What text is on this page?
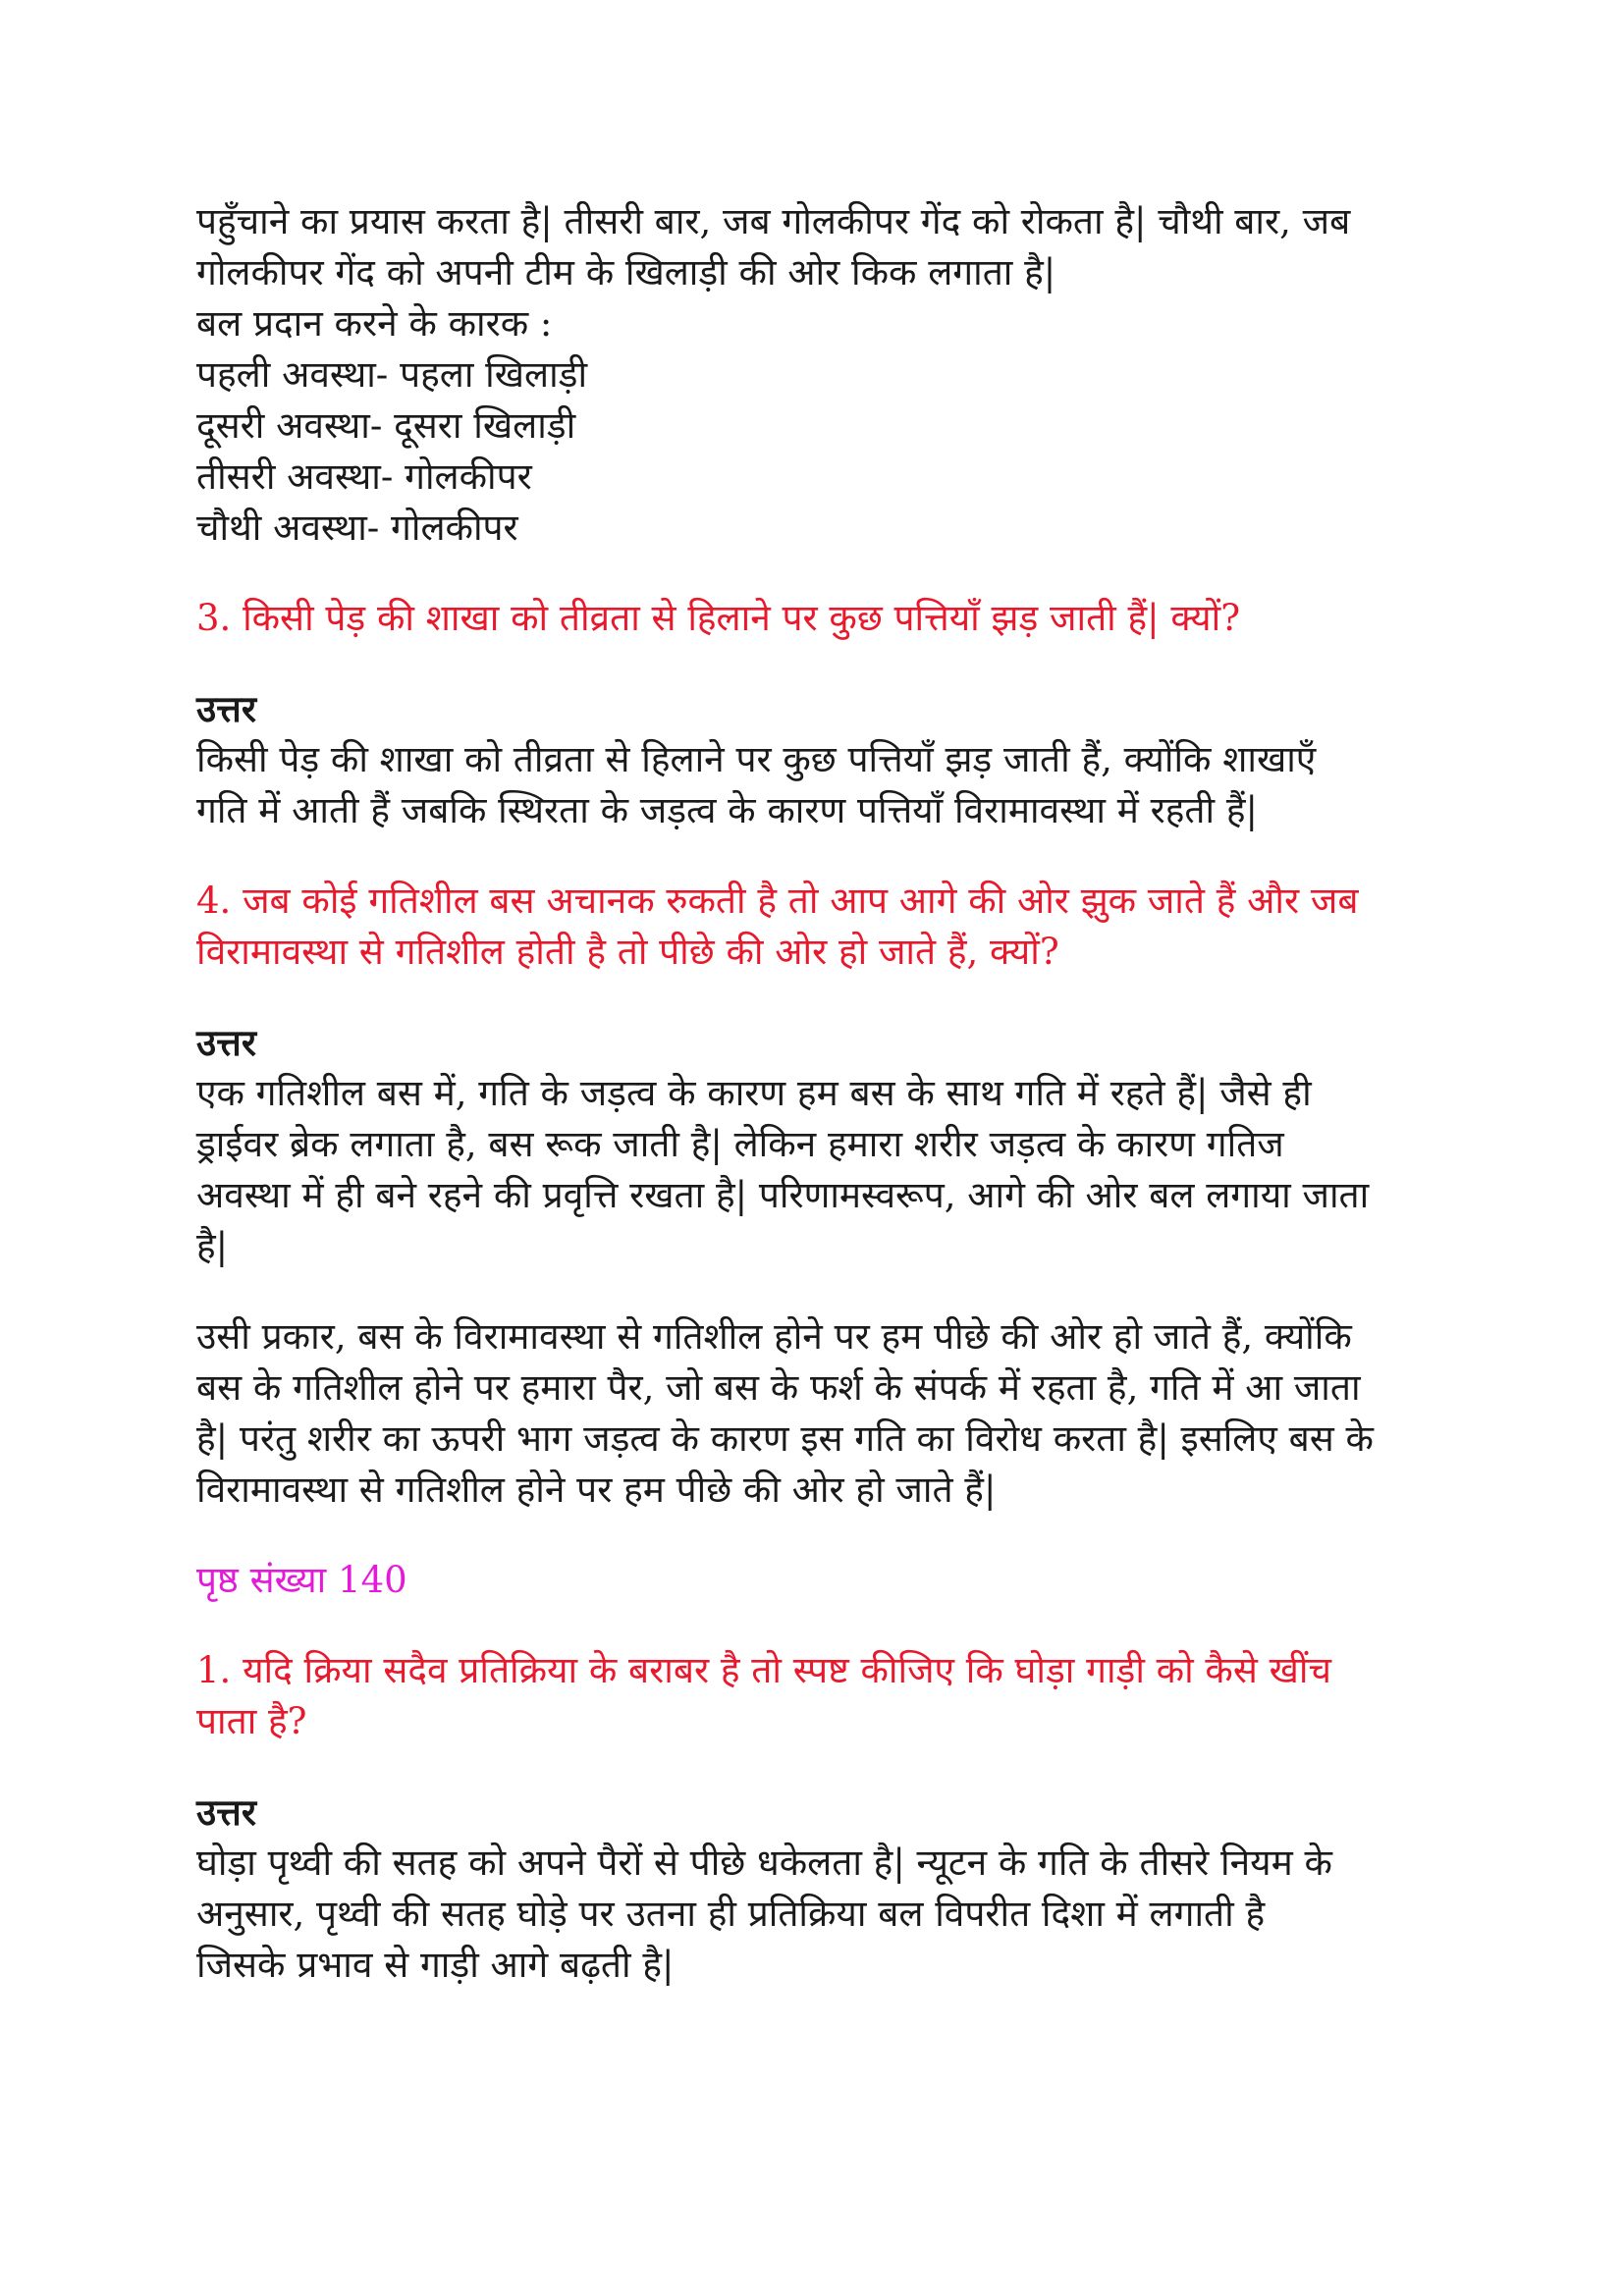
पहुँचाने का प्रयास करता है| तीसरी बार, जब गोलकीपर गेंद को रोकता है| चौथी बार, जब

गोलकीपर गेंद को अपनी टीम के खिलाड़ी की ओर किक लगाता है|

बल प्रदान करने के कारक :

पहली अवस्था- पहला खिलाड़ी

दूसरी अवस्था- दूसरा खिलाड़ी

तीसरी अवस्था- गोलकीपर

चौथी अवस्था- गोलकीपर

3. किसी पेड़ की शाखा को तीव्रता से हिलाने पर कुछ पत्तियाँ झड़ जाती हैं| क्यों?

उत्तर

किसी पेड़ की शाखा को तीव्रता से हिलाने पर कुछ पत्तियाँ झड़ जाती हैं, क्योंकि शाखाएँ

गति में आती हैं जबकि स्थिरता के जड़त्व के कारण पत्तियाँ विरामावस्था में रहती हैं|

4. जब कोई गतिशील बस अचानक रुकती है तो आप आगे की ओर झुक जाते हैं और जब

विरामावस्था से गतिशील होती है तो पीछे की ओर हो जाते हैं, क्यों?

उत्तर

एक गतिशील बस में, गति के जड़त्व के कारण हम बस के साथ गति में रहते हैं| जैसे ही

ड्राईवर ब्रेक लगाता है, बस रूक जाती है| लेकिन हमारा शरीर जड़त्व के कारण गतिज

अवस्था में ही बने रहने की प्रवृत्ति रखता है| परिणामस्वरूप, आगे की ओर बल लगाया जाता

है|

उसी प्रकार, बस के विरामावस्था से गतिशील होने पर हम पीछे की ओर हो जाते हैं, क्योंकि

बस के गतिशील होने पर हमारा पैर, जो बस के फर्श के संपर्क में रहता है, गति में आ जाता

है| परंतु शरीर का ऊपरी भाग जड़त्व के कारण इस गति का विरोध करता है| इसलिए बस के

विरामावस्था से गतिशील होने पर हम पीछे की ओर हो जाते हैं|

पृष्ठ संख्या 140

1. यदि क्रिया सदैव प्रतिक्रिया के बराबर है तो स्पष्ट कीजिए कि घोड़ा गाड़ी को कैसे खींच

पाता है?

उत्तर

घोड़ा पृथ्वी की सतह को अपने पैरों से पीछे धकेलता है| न्यूटन के गति के तीसरे नियम के

अनुसार, पृथ्वी की सतह घोड़े पर उतना ही प्रतिक्रिया बल विपरीत दिशा में लगाती है

जिसके प्रभाव से गाड़ी आगे बढ़ती है|
